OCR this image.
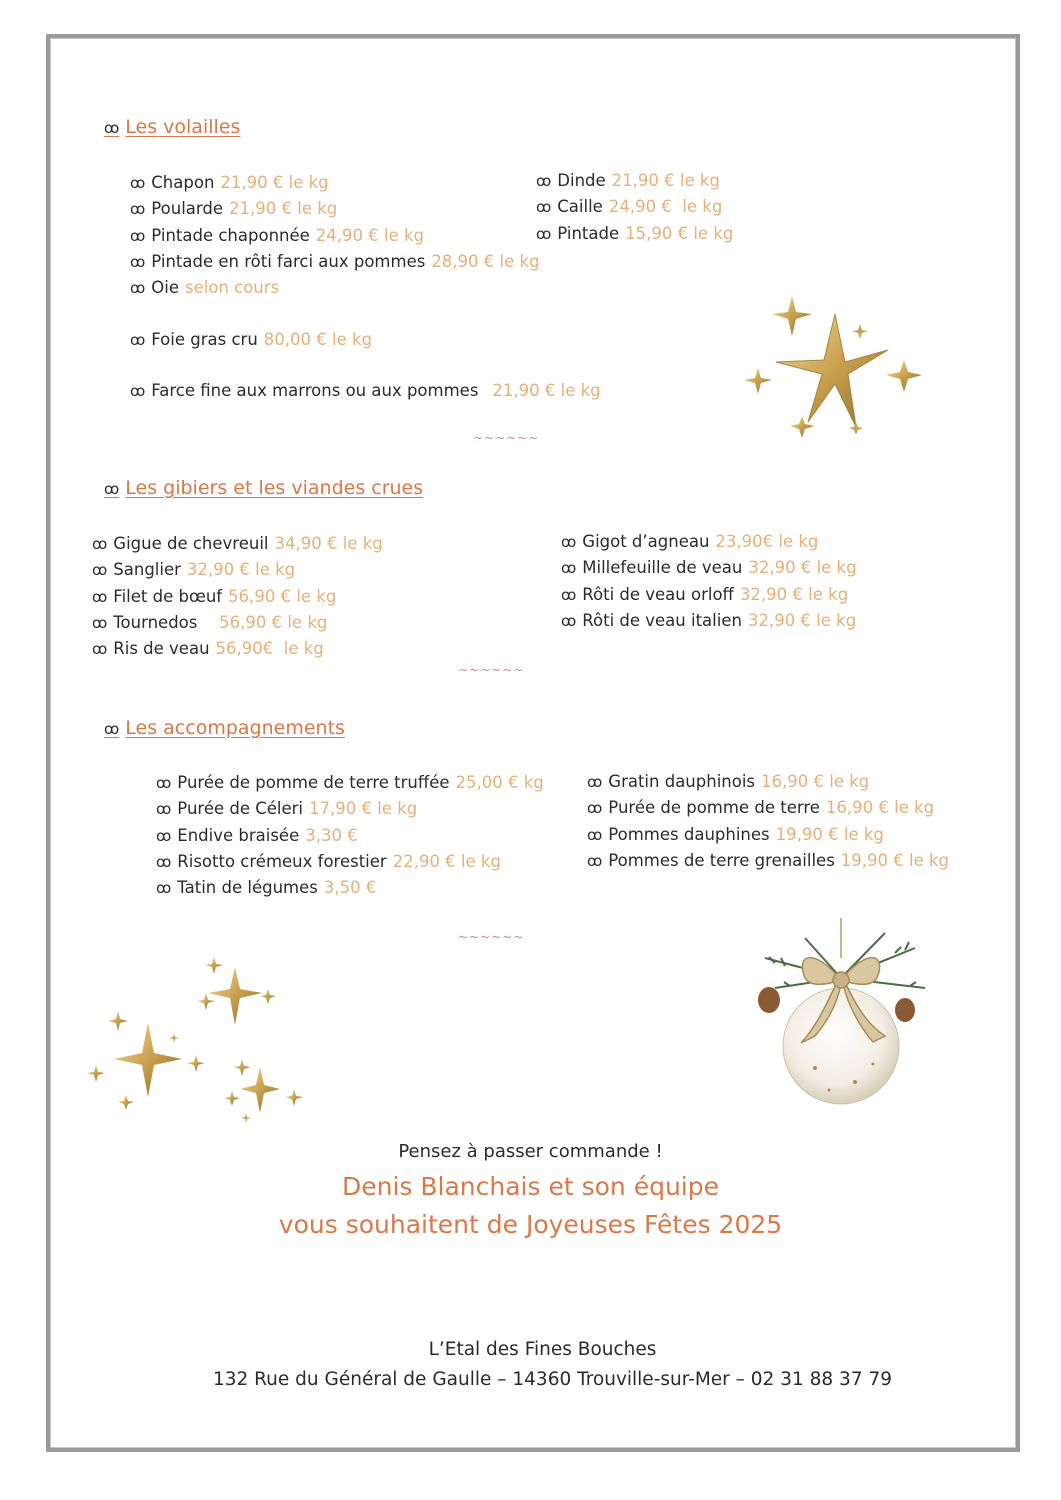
ꝏ Les volailles
ꝏ Chapon 21,90 € le kg
ꝏ Poularde 21,90 € le kg
ꝏ Pintade chaponnée 24,90 € le kg
ꝏ Pintade en rôti farci aux pommes 28,90 € le kg
ꝏ Oie selon cours
ꝏ Dinde 21,90 € le kg
ꝏ Caille 24,90 €  le kg
ꝏ Pintade 15,90 € le kg
ꝏ Foie gras cru 80,00 € le kg
ꝏ Farce fine aux marrons ou aux pommes 21,90 € le kg
~~~~~~
ꝏ Les gibiers et les viandes crues
ꝏ Gigue de chevreuil 34,90 € le kg
ꝏ Sanglier 32,90 € le kg
ꝏ Filet de bœuf 56,90 € le kg
ꝏ Tournedos   56,90 € le kg
ꝏ Ris de veau 56,90€  le kg
ꝏ Gigot d’agneau 23,90€ le kg
ꝏ Millefeuille de veau 32,90 € le kg
ꝏ Rôti de veau orloff 32,90 € le kg
ꝏ Rôti de veau italien 32,90 € le kg
~~~~~~
ꝏ Les accompagnements
ꝏ Purée de pomme de terre truffée 25,00 € kg
ꝏ Purée de Céleri 17,90 € le kg
ꝏ Endive braisée 3,30 €
ꝏ Risotto crémeux forestier 22,90 € le kg
ꝏ Tatin de légumes 3,50 €
ꝏ Gratin dauphinois 16,90 € le kg
ꝏ Purée de pomme de terre 16,90 € le kg
ꝏ Pommes dauphines 19,90 € le kg
ꝏ Pommes de terre grenailles 19,90 € le kg
~~~~~~
Pensez à passer commande !
Denis Blanchais et son équipe
vous souhaitent de Joyeuses Fêtes 2025
L’Etal des Fines Bouches
132 Rue du Général de Gaulle – 14360 Trouville-sur-Mer – 02 31 88 37 79
